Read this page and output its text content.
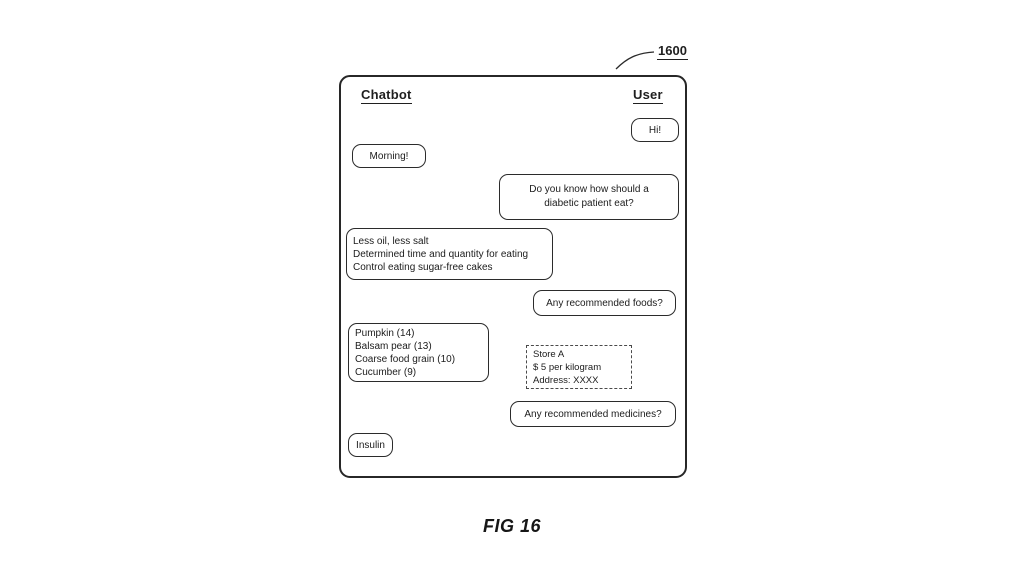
1600
Chatbot	User
Hi!
Morning!
Do you know how should a
diabetic patient eat?
Less oil, less salt
Determined time and quantity for eating
Control eating sugar-free cakes
Any recommended foods?
Pumpkin (14)
Balsam pear (13)
Coarse food grain (10)
Cucumber (9)
Store A
$ 5 per kilogram
Address: XXXX
Any recommended medicines?
Insulin
FIG 16
